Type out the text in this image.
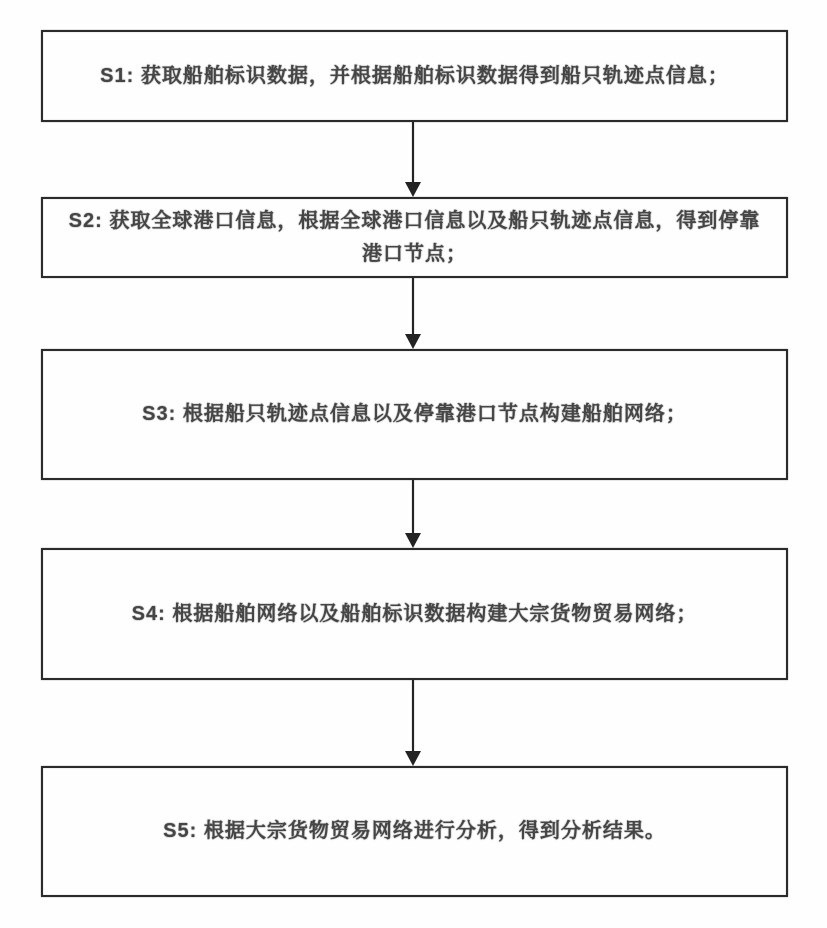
S1: 获取船舶标识数据，并根据船舶标识数据得到船只轨迹点信息；
S2: 获取全球港口信息，根据全球港口信息以及船只轨迹点信息，得到停靠港口节点；
S3: 根据船只轨迹点信息以及停靠港口节点构建船舶网络；
S4: 根据船舶网络以及船舶标识数据构建大宗货物贸易网络；
S5: 根据大宗货物贸易网络进行分析，得到分析结果。
